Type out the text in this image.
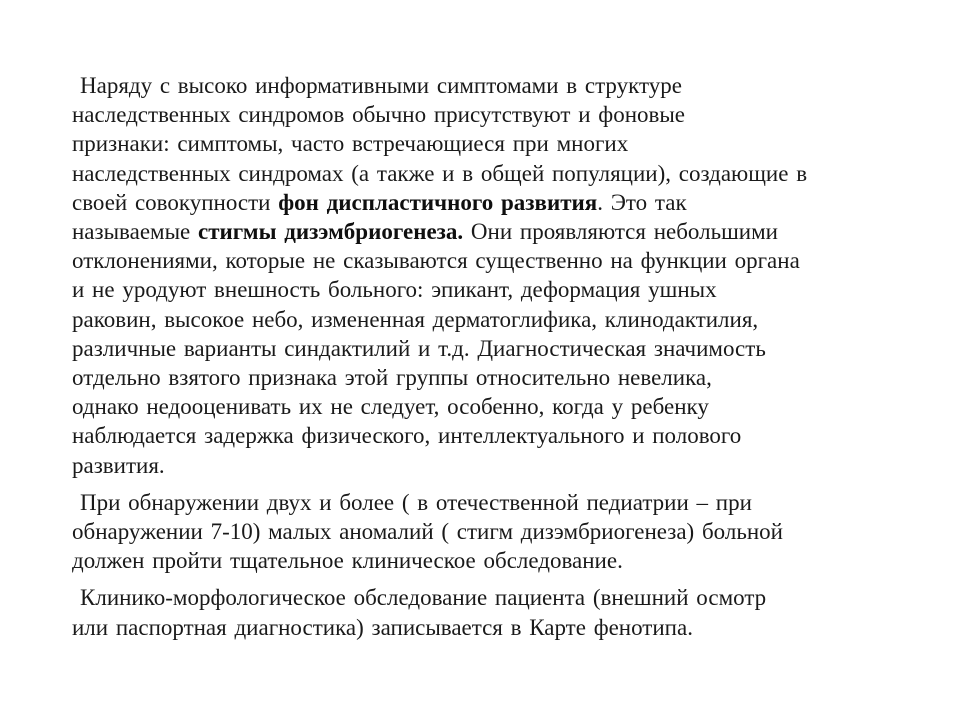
Наряду с высоко информативными симптомами в структуре
наследственных синдромов обычно присутствуют и фоновые
признаки: симптомы, часто встречающиеся при многих
наследственных синдромах (а также и в общей популяции), создающие в
своей совокупности фон диспластичного развития. Это так
называемые стигмы дизэмбриогенеза. Они проявляются небольшими
отклонениями, которые не сказываются существенно на функции органа
и не уродуют внешность больного: эпикант, деформация ушных
раковин, высокое небо, измененная дерматоглифика, клинодактилия,
различные варианты синдактилий и т.д. Диагностическая значимость
отдельно взятого признака этой группы относительно невелика,
однако недооценивать их не следует, особенно, когда у ребенку
наблюдается задержка физического, интеллектуального и полового
развития.
При обнаружении двух и более ( в отечественной педиатрии – при
обнаружении 7-10) малых аномалий ( стигм дизэмбриогенеза) больной
должен пройти тщательное клиническое обследование.
Клинико-морфологическое обследование пациента (внешний осмотр
или паспортная диагностика) записывается в Карте фенотипа.
